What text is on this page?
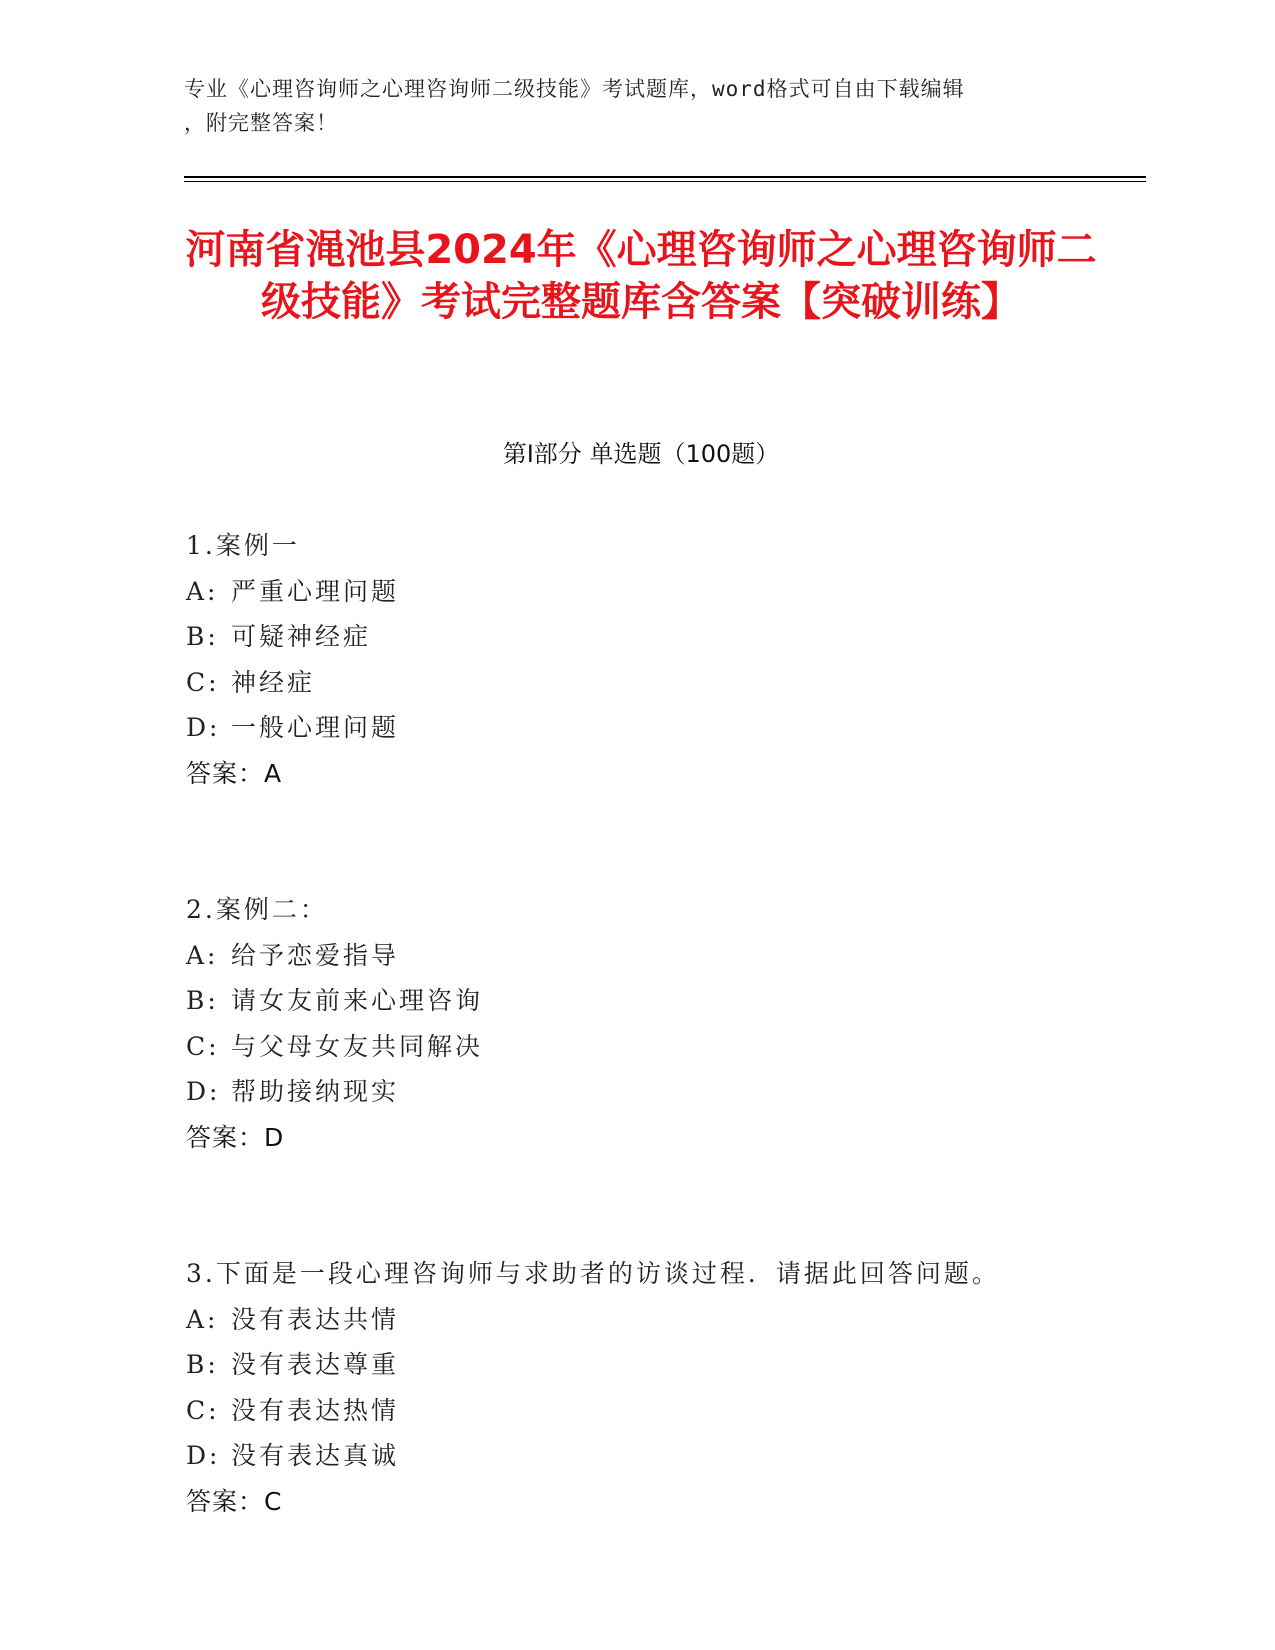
专业《心理咨询师之心理咨询师二级技能》考试题库，word格式可自由下载编辑
，附完整答案！
河南省渑池县2024年《心理咨询师之心理咨询师二级技能》考试完整题库含答案【突破训练】
第Ⅰ部分 单选题（100题）
1.案例一
A: 严重心理问题
B: 可疑神经症
C: 神经症
D: 一般心理问题
答案：A
2.案例二：
A: 给予恋爱指导
B: 请女友前来心理咨询
C: 与父母女友共同解决
D: 帮助接纳现实
答案：D
3.下面是一段心理咨询师与求助者的访谈过程．请据此回答问题。
A: 没有表达共情
B: 没有表达尊重
C: 没有表达热情
D: 没有表达真诚
答案：C
